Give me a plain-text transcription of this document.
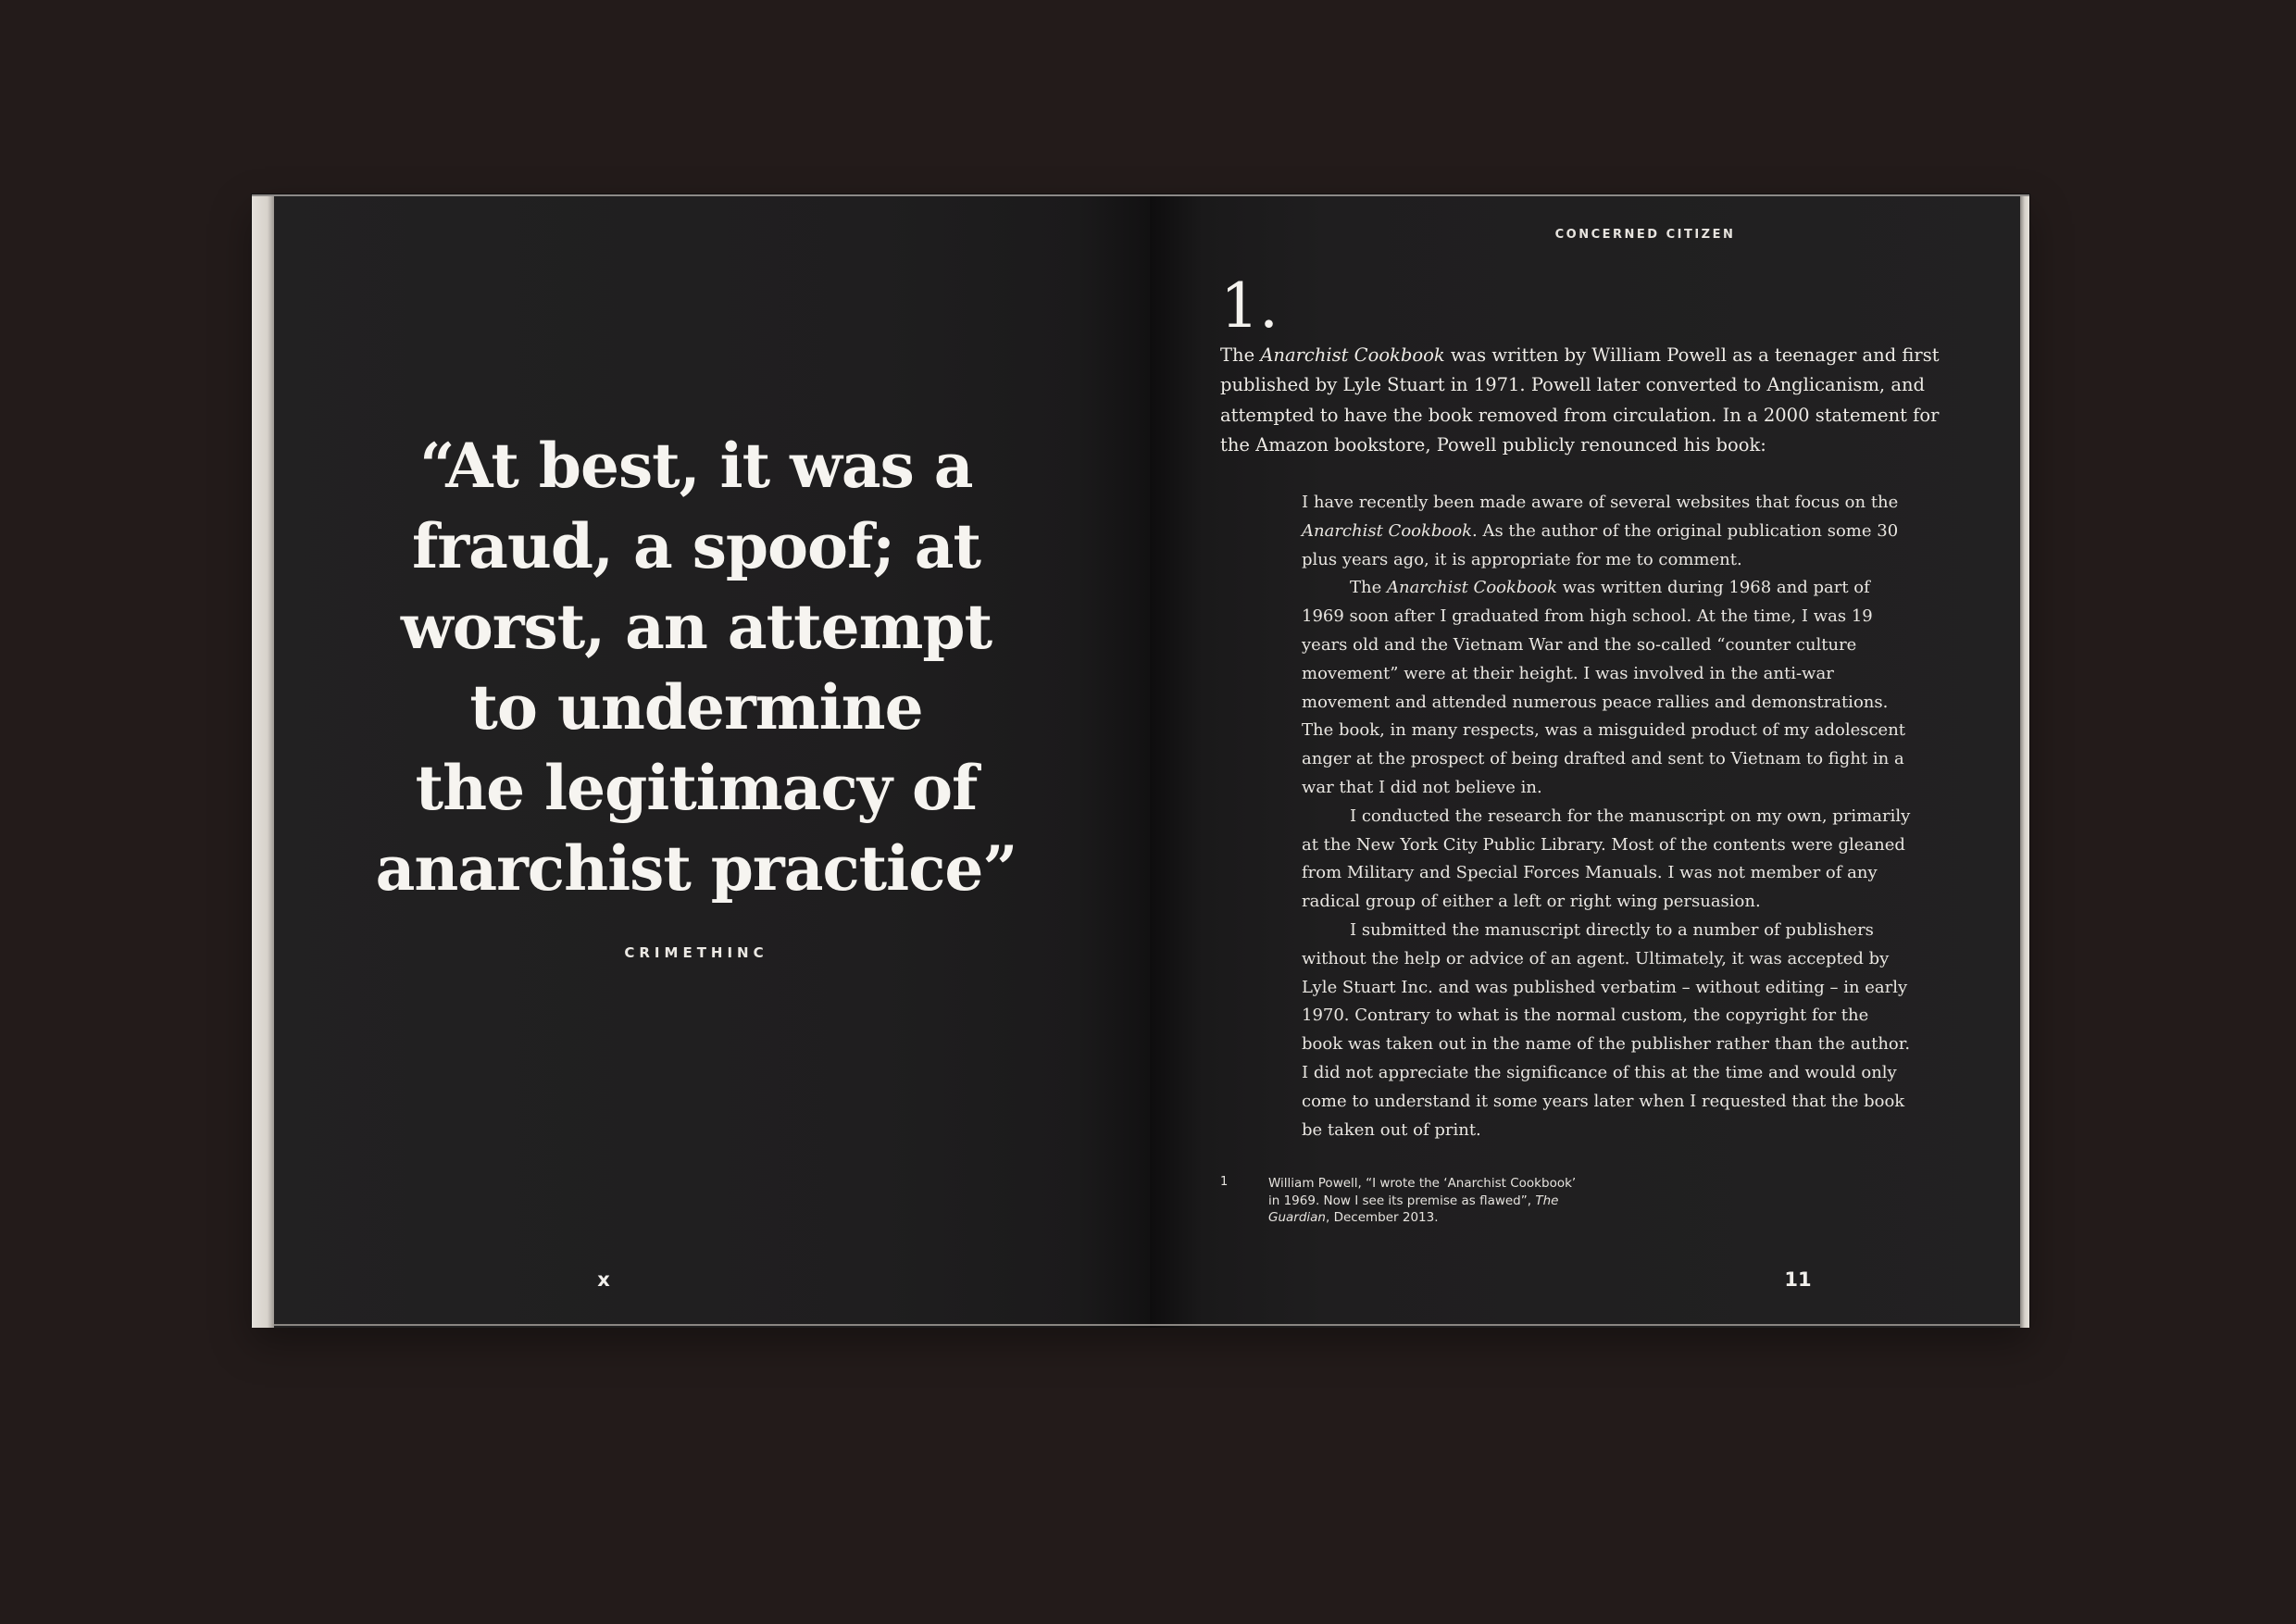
“At best, it was a
fraud, a spoof; at
worst, an attempt
to undermine
the legitimacy of
anarchist practice”
CRIMETHINC
x
CONCERNED CITIZEN
1.

The Anarchist Cookbook was written by William Powell as a teenager and first published by Lyle Stuart in 1971. Powell later converted to Anglicanism, and attempted to have the book removed from circulation. In a 2000 statement for the Amazon bookstore, Powell publicly renounced his book:

I have recently been made aware of several websites that focus on the Anarchist Cookbook. As the author of the original publication some 30 plus years ago, it is appropriate for me to comment.

The Anarchist Cookbook was written during 1968 and part of 1969 soon after I graduated from high school. At the time, I was 19 years old and the Vietnam War and the so-called “counter culture movement” were at their height. I was involved in the anti-war movement and attended numerous peace rallies and demonstrations. The book, in many respects, was a misguided product of my adolescent anger at the prospect of being drafted and sent to Vietnam to fight in a war that I did not believe in.

I conducted the research for the manuscript on my own, primarily at the New York City Public Library. Most of the contents were gleaned from Military and Special Forces Manuals. I was not member of any radical group of either a left or right wing persuasion.

I submitted the manuscript directly to a number of publishers without the help or advice of an agent. Ultimately, it was accepted by Lyle Stuart Inc. and was published verbatim – without editing – in early 1970. Contrary to what is the normal custom, the copyright for the book was taken out in the name of the publisher rather than the author. I did not appreciate the significance of this at the time and would only come to understand it some years later when I requested that the book be taken out of print.

1	William Powell, “I wrote the ‘Anarchist Cookbook’ in 1969. Now I see its premise as flawed”, The Guardian, December 2013.
11
